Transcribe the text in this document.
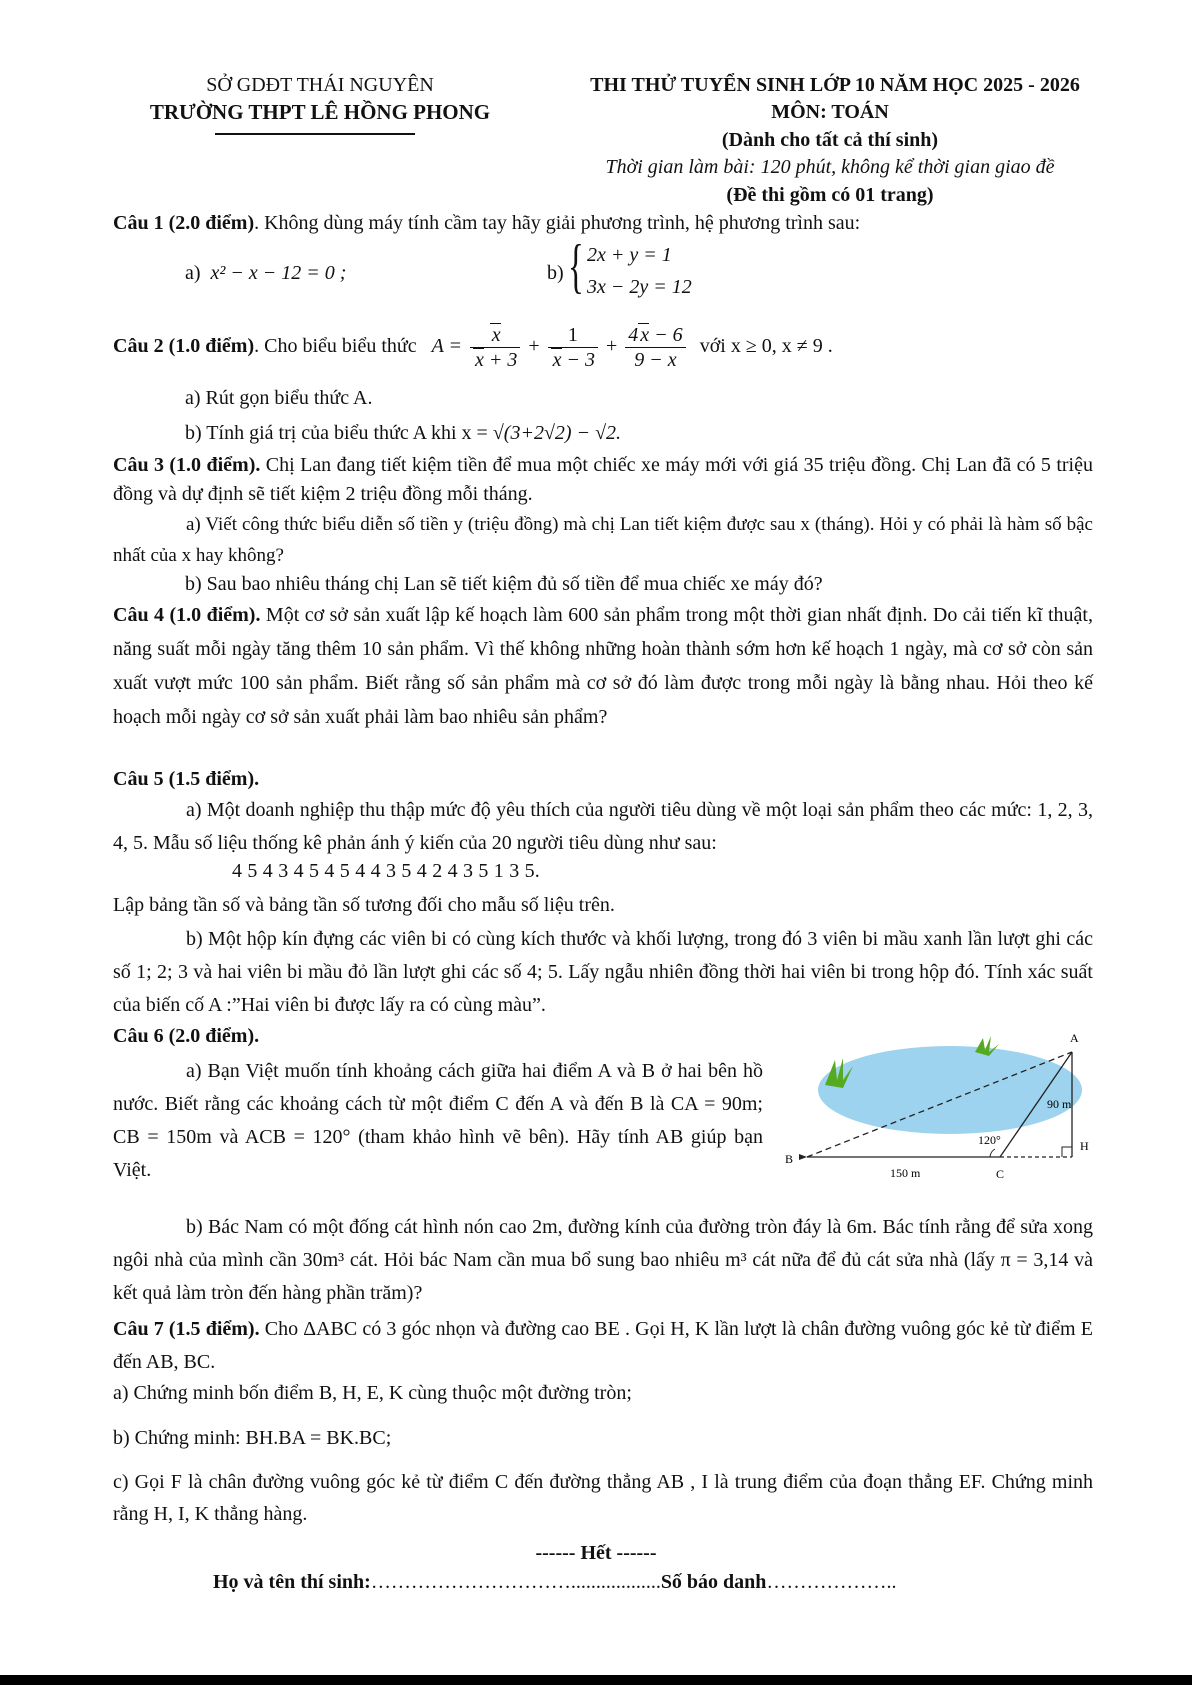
SỞ GDĐT THÁI NGUYÊN
TRƯỜNG THPT LÊ HỒNG PHONG
THI THỬ TUYỂN SINH LỚP 10 NĂM HỌC 2025 - 2026
MÔN: TOÁN
(Dành cho tất cả thí sinh)
Thời gian làm bài: 120 phút, không kể thời gian giao đề
(Đề thi gồm có 01 trang)
Câu 1 (2.0 điểm). Không dùng máy tính cầm tay hãy giải phương trình, hệ phương trình sau:
a) x² − x − 12 = 0 ;	b) { 2x + y = 1
3x − 2y = 12
Câu 2 (1.0 điểm). Cho biểu biểu thức $A = \frac{x}{x + 3} + \frac{1}{x - 3} + \frac{4 x - 6}{9 - x}$ với x ≥ 0, x ≠ 9 .
a) Rút gọn biểu thức A.
b) Tính giá trị của biểu thức A khi x = √(3+2√2) − √2.
Câu 3 (1.0 điểm). Chị Lan đang tiết kiệm tiền để mua một chiếc xe máy mới với giá 35 triệu đồng. Chị Lan đã có 5 triệu đồng và dự định sẽ tiết kiệm 2 triệu đồng mỗi tháng.
a) Viết công thức biểu diễn số tiền y (triệu đồng) mà chị Lan tiết kiệm được sau x (tháng). Hỏi y có phải là hàm số bậc nhất của x hay không?
b) Sau bao nhiêu tháng chị Lan sẽ tiết kiệm đủ số tiền để mua chiếc xe máy đó?
Câu 4 (1.0 điểm). Một cơ sở sản xuất lập kế hoạch làm 600 sản phẩm trong một thời gian nhất định. Do cải tiến kĩ thuật, năng suất mỗi ngày tăng thêm 10 sản phẩm. Vì thế không những hoàn thành sớm hơn kế hoạch 1 ngày, mà cơ sở còn sản xuất vượt mức 100 sản phẩm. Biết rằng số sản phẩm mà cơ sở đó làm được trong mỗi ngày là bằng nhau. Hỏi theo kế hoạch mỗi ngày cơ sở sản xuất phải làm bao nhiêu sản phẩm?
Câu 5 (1.5 điểm).
a) Một doanh nghiệp thu thập mức độ yêu thích của người tiêu dùng về một loại sản phẩm theo các mức: 1, 2, 3, 4, 5. Mẫu số liệu thống kê phản ánh ý kiến của 20 người tiêu dùng như sau:
4 5 4 3 4 5 4 5 4 4 3 5 4 2 4 3 5 1 3 5.
Lập bảng tần số và bảng tần số tương đối cho mẫu số liệu trên.
b) Một hộp kín đựng các viên bi có cùng kích thước và khối lượng, trong đó 3 viên bi mầu xanh lần lượt ghi các số 1; 2; 3 và hai viên bi mầu đỏ lần lượt ghi các số 4; 5. Lấy ngẫu nhiên đồng thời hai viên bi trong hộp đó. Tính xác suất của biến cố A :”Hai viên bi được lấy ra có cùng màu”.
Câu 6 (2.0 điểm).
a) Bạn Việt muốn tính khoảng cách giữa hai điểm A và B ở hai bên hồ nước. Biết rằng các khoảng cách từ một điểm C đến A và đến B là CA = 90m; CB = 150m và ACB = 120° (tham khảo hình vẽ bên). Hãy tính AB giúp bạn Việt.
A
B
C
H
90 m
150 m
120°
b) Bác Nam có một đống cát hình nón cao 2m, đường kính của đường tròn đáy là 6m. Bác tính rằng để sửa xong ngôi nhà của mình cần 30m³ cát. Hỏi bác Nam cần mua bổ sung bao nhiêu m³ cát nữa để đủ cát sửa nhà (lấy π = 3,14 và kết quả làm tròn đến hàng phần trăm)?
Câu 7 (1.5 điểm). Cho ΔABC có 3 góc nhọn và đường cao BE . Gọi H, K lần lượt là chân đường vuông góc kẻ từ điểm E đến AB, BC.
a) Chứng minh bốn điểm B, H, E, K cùng thuộc một đường tròn;
b) Chứng minh: BH.BA = BK.BC;
c) Gọi F là chân đường vuông góc kẻ từ điểm C đến đường thẳng AB , I là trung điểm của đoạn thẳng EF. Chứng minh rằng H, I, K thẳng hàng.
------ Hết ------
Họ và tên thí sinh:…………………………..................Số báo danh………………..
